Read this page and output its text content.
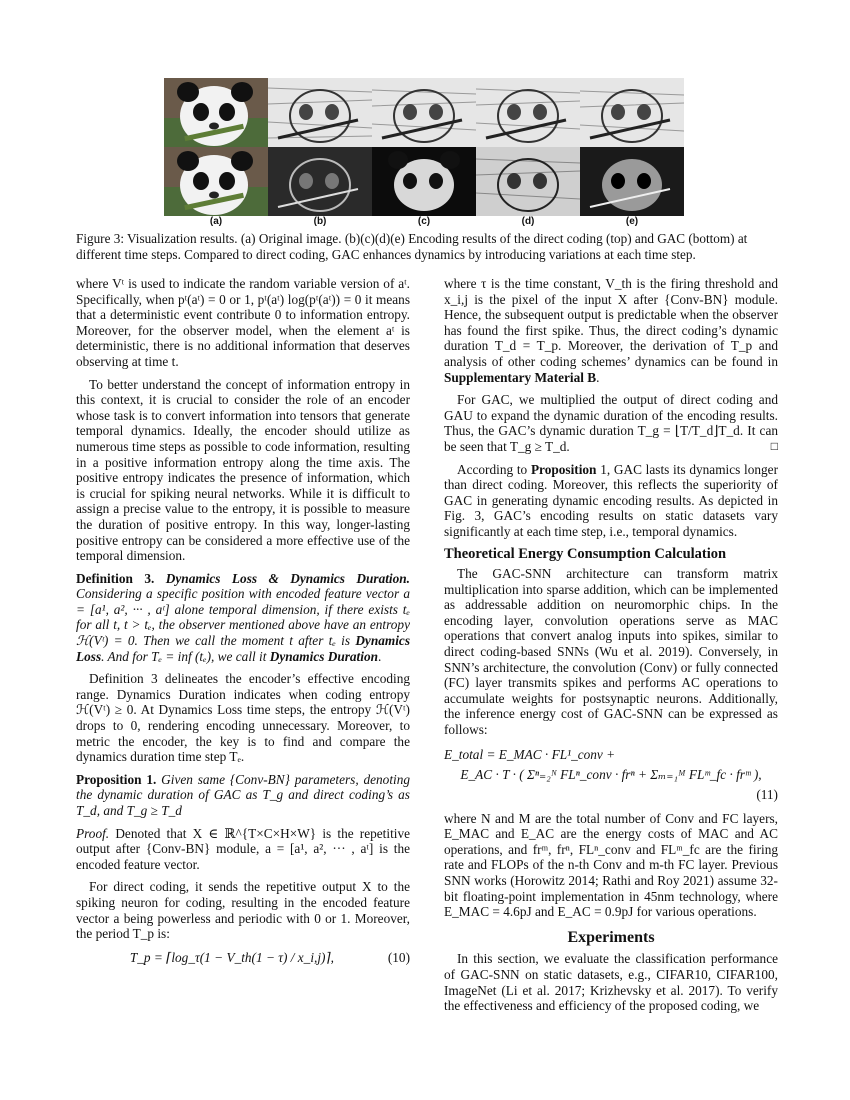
(a)	(b)	(c)	(d)	(e)
Figure 3: Visualization results. (a) Original image. (b)(c)(d)(e) Encoding results of the direct coding (top) and GAC (bottom) at different time steps. Compared to direct coding, GAC enhances dynamics by introducing variations at each time step.

where Vᵗ is used to indicate the random variable version of aᵗ. Specifically, when pᵗ(aᵗ) = 0 or 1, pᵗ(aᵗ) log(pᵗ(aᵗ)) = 0 it means that a deterministic event contribute 0 to information entropy. Moreover, for the observer model, when the element aᵗ is deterministic, there is no additional information that deserves observing at time t.

To better understand the concept of information entropy in this context, it is crucial to consider the role of an encoder whose task is to convert information into tensors that generate temporal dynamics. Ideally, the encoder should utilize as numerous time steps as possible to code information, resulting in a positive information entropy along the time axis. The positive entropy indicates the presence of information, which is crucial for spiking neural networks. While it is difficult to assign a precise value to the entropy, it is possible to measure the duration of positive entropy. In this way, longer-lasting positive entropy can be considered a more effective use of the temporal dimension.

Definition 3. Dynamics Loss & Dynamics Duration. Considering a specific position with encoded feature vector a = [a¹, a², ··· , aᵗ] alone temporal dimension, if there exists tₑ for all t, t > tₑ, the observer mentioned above have an entropy ℋ(Vᵗ) = 0. Then we call the moment t after tₑ is Dynamics Loss. And for Tₑ = inf (tₑ), we call it Dynamics Duration.

Definition 3 delineates the encoder’s effective encoding range. Dynamics Duration indicates when coding entropy ℋ(Vᵗ) ≥ 0. At Dynamics Loss time steps, the entropy ℋ(Vᵗ) drops to 0, rendering encoding unnecessary. Moreover, to metric the encoder, the key is to find and compare the dynamics duration time step Tₑ.

Proposition 1. Given same {Conv-BN} parameters, denoting the dynamic duration of GAC as T_g and direct coding’s as T_d, and T_g ≥ T_d

Proof. Denoted that X ∈ ℝ^{T×C×H×W} is the repetitive output after {Conv-BN} module, a = [a¹, a², ··· , aᵗ] is the encoded feature vector.

For direct coding, it sends the repetitive output X to the spiking neuron for coding, resulting in the encoded feature vector a being powerless and periodic with 0 or 1. Moreover, the period T_p is:

T_p = ⌈log_τ(1 − V_th(1 − τ) / x_i,j)⌉,	(10)

where τ is the time constant, V_th is the firing threshold and x_i,j is the pixel of the input X after {Conv-BN} module. Hence, the subsequent output is predictable when the observer has found the first spike. Thus, the direct coding’s dynamic duration T_d = T_p. Moreover, the derivation of T_p and analysis of other coding schemes’ dynamics can be found in Supplementary Material B.

For GAC, we multiplied the output of direct coding and GAU to expand the dynamic duration of the encoding results. Thus, the GAC’s dynamic duration T_g = ⌊T/T_d⌋T_d. It can be seen that T_g ≥ T_d.	□

According to Proposition 1, GAC lasts its dynamics longer than direct coding. Moreover, this reflects the superiority of GAC in generating dynamic encoding results. As depicted in Fig. 3, GAC’s encoding results on static datasets vary significantly at each time step, i.e., temporal dynamics.

Theoretical Energy Consumption Calculation

The GAC-SNN architecture can transform matrix multiplication into sparse addition, which can be implemented as addressable addition on neuromorphic chips. In the encoding layer, convolution operations serve as MAC operations that convert analog inputs into spikes, similar to direct coding-based SNNs (Wu et al. 2019). Conversely, in SNN’s architecture, the convolution (Conv) or fully connected (FC) layer transmits spikes and performs AC operations to accumulate weights for postsynaptic neurons. Additionally, the inference energy cost of GAC-SNN can be expressed as follows:

E_total = E_MAC · FL¹_conv +
E_AC · T · ( Σⁿ₌₂ᴺ FLⁿ_conv · frⁿ + Σₘ₌₁ᴹ FLᵐ_fc · frᵐ ),
(11)

where N and M are the total number of Conv and FC layers, E_MAC and E_AC are the energy costs of MAC and AC operations, and frᵐ, frⁿ, FLⁿ_conv and FLᵐ_fc are the firing rate and FLOPs of the n-th Conv and m-th FC layer. Previous SNN works (Horowitz 2014; Rathi and Roy 2021) assume 32-bit floating-point implementation in 45nm technology, where E_MAC = 4.6pJ and E_AC = 0.9pJ for various operations.

Experiments

In this section, we evaluate the classification performance of GAC-SNN on static datasets, e.g., CIFAR10, CIFAR100, ImageNet (Li et al. 2017; Krizhevsky et al. 2017). To verify the effectiveness and efficiency of the proposed coding, we
